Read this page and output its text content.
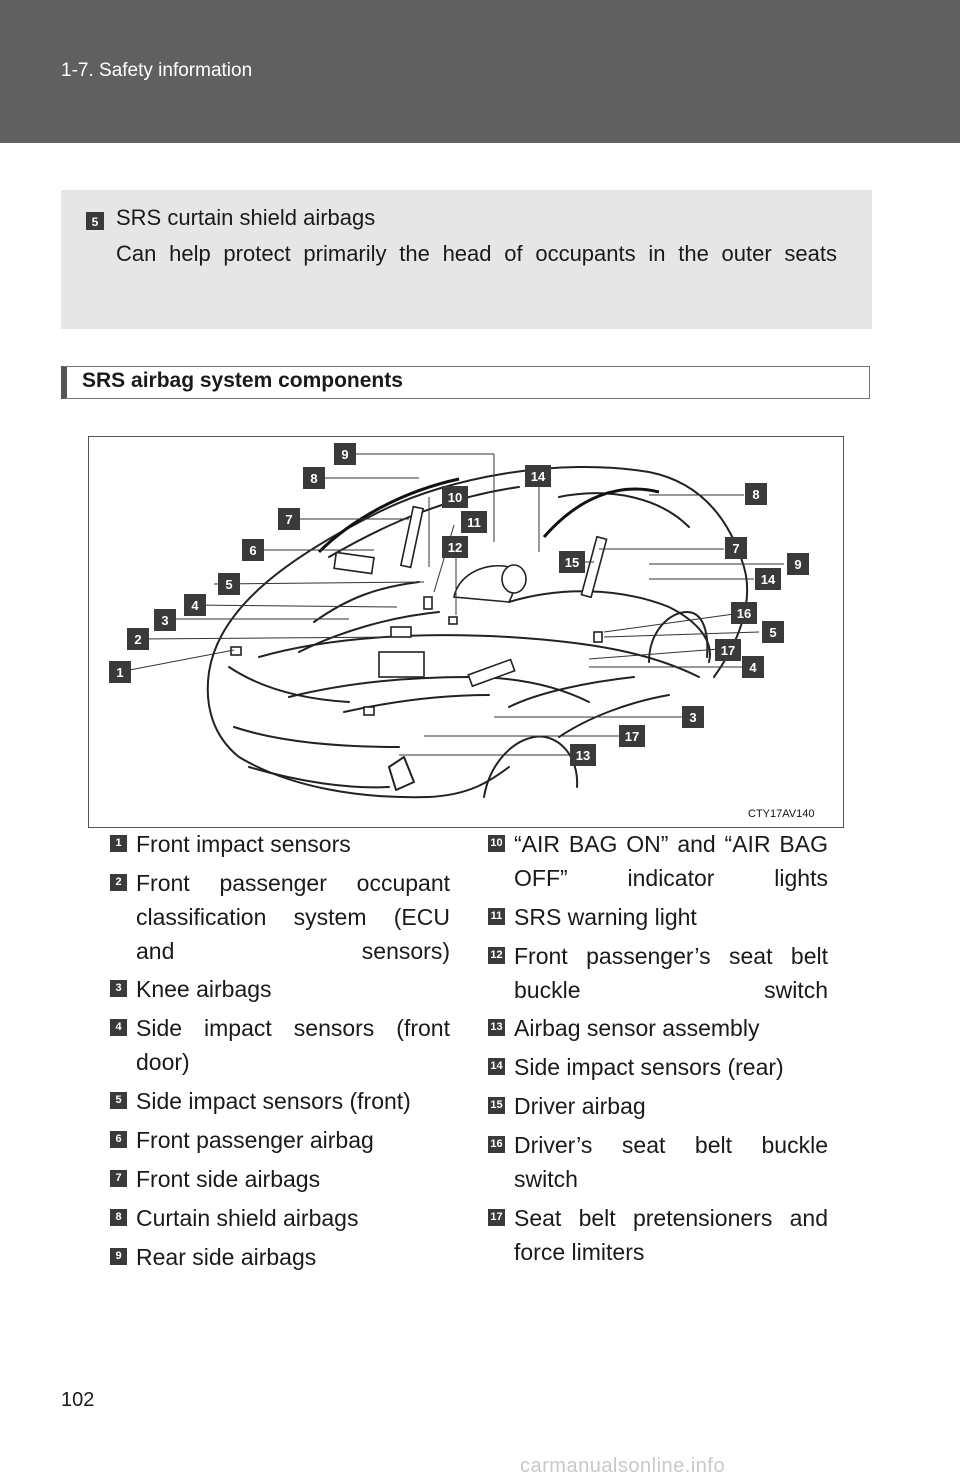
1-7. Safety information
5 SRS curtain shield airbags
Can help protect primarily the head of occupants in the outer seats
SRS airbag system components
9
8
7
6
5
4
3
2
1
10
11
12
14
15
8
7
9
14
16
5
17
4
3
17
13
CTY17AV140
1 Front impact sensors
2 Front passenger occupant classification system (ECU and sensors)
3 Knee airbags
4 Side impact sensors (front door)
5 Side impact sensors (front)
6 Front passenger airbag
7 Front side airbags
8 Curtain shield airbags
9 Rear side airbags
10 “AIR BAG ON” and “AIR BAG OFF” indicator lights
11 SRS warning light
12 Front passenger’s seat belt buckle switch
13 Airbag sensor assembly
14 Side impact sensors (rear)
15 Driver airbag
16 Driver’s seat belt buckle switch
17 Seat belt pretensioners and force limiters
102
carmanualsonline.info
